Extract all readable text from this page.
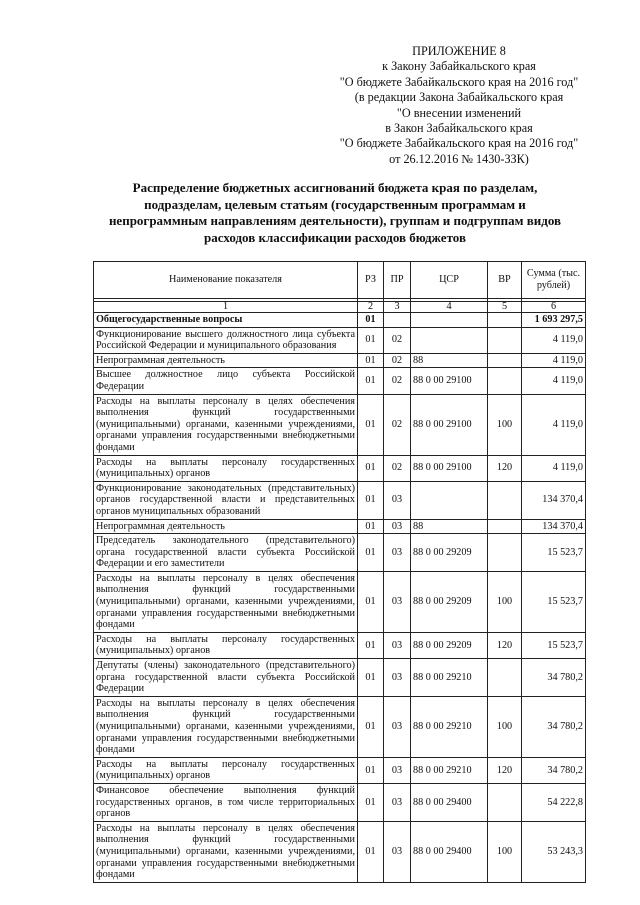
ПРИЛОЖЕНИЕ 8
к Закону Забайкальского края
"О бюджете Забайкальского края на 2016 год"
(в редакции Закона Забайкальского края
"О внесении изменений
в Закон Забайкальского края
"О бюджете Забайкальского края на 2016 год"
от 26.12.2016 № 1430-ЗЗК)
Распределение бюджетных ассигнований бюджета края по разделам, подразделам, целевым статьям (государственным программам и непрограммным направлениям деятельности), группам и подгруппам видов расходов классификации расходов бюджетов
Наименование показателя	РЗ	ПР	ЦСР	ВР	Сумма (тыс. рублей)

1	2	3	4	5	6
Общегосударственные вопросы	01				1 693 297,5
Функционирование высшего должностного лица субъекта Российской Федерации и муниципального образования	01	02			4 119,0
Непрограммная деятельность	01	02	88		4 119,0
Высшее должностное лицо субъекта Российской Федерации	01	02	88 0 00 29100		4 119,0
Расходы на выплаты персоналу в целях обеспечения выполнения функций государственными (муниципальными) органами, казенными учреждениями, органами управления государственными внебюджетными фондами	01	02	88 0 00 29100	100	4 119,0
Расходы на выплаты персоналу государственных (муниципальных) органов	01	02	88 0 00 29100	120	4 119,0
Функционирование законодательных (представительных) органов государственной власти и представительных органов муниципальных образований	01	03			134 370,4
Непрограммная деятельность	01	03	88		134 370,4
Председатель законодательного (представительного) органа государственной власти субъекта Российской Федерации и его заместители	01	03	88 0 00 29209		15 523,7
Расходы на выплаты персоналу в целях обеспечения выполнения функций государственными (муниципальными) органами, казенными учреждениями, органами управления государственными внебюджетными фондами	01	03	88 0 00 29209	100	15 523,7
Расходы на выплаты персоналу государственных (муниципальных) органов	01	03	88 0 00 29209	120	15 523,7
Депутаты (члены) законодательного (представительного) органа государственной власти субъекта Российской Федерации	01	03	88 0 00 29210		34 780,2
Расходы на выплаты персоналу в целях обеспечения выполнения функций государственными (муниципальными) органами, казенными учреждениями, органами управления государственными внебюджетными фондами	01	03	88 0 00 29210	100	34 780,2
Расходы на выплаты персоналу государственных (муниципальных) органов	01	03	88 0 00 29210	120	34 780,2
Финансовое обеспечение выполнения функций государственных органов, в том числе территориальных органов	01	03	88 0 00 29400		54 222,8
Расходы на выплаты персоналу в целях обеспечения выполнения функций государственными (муниципальными) органами, казенными учреждениями, органами управления государственными внебюджетными фондами	01	03	88 0 00 29400	100	53 243,3
